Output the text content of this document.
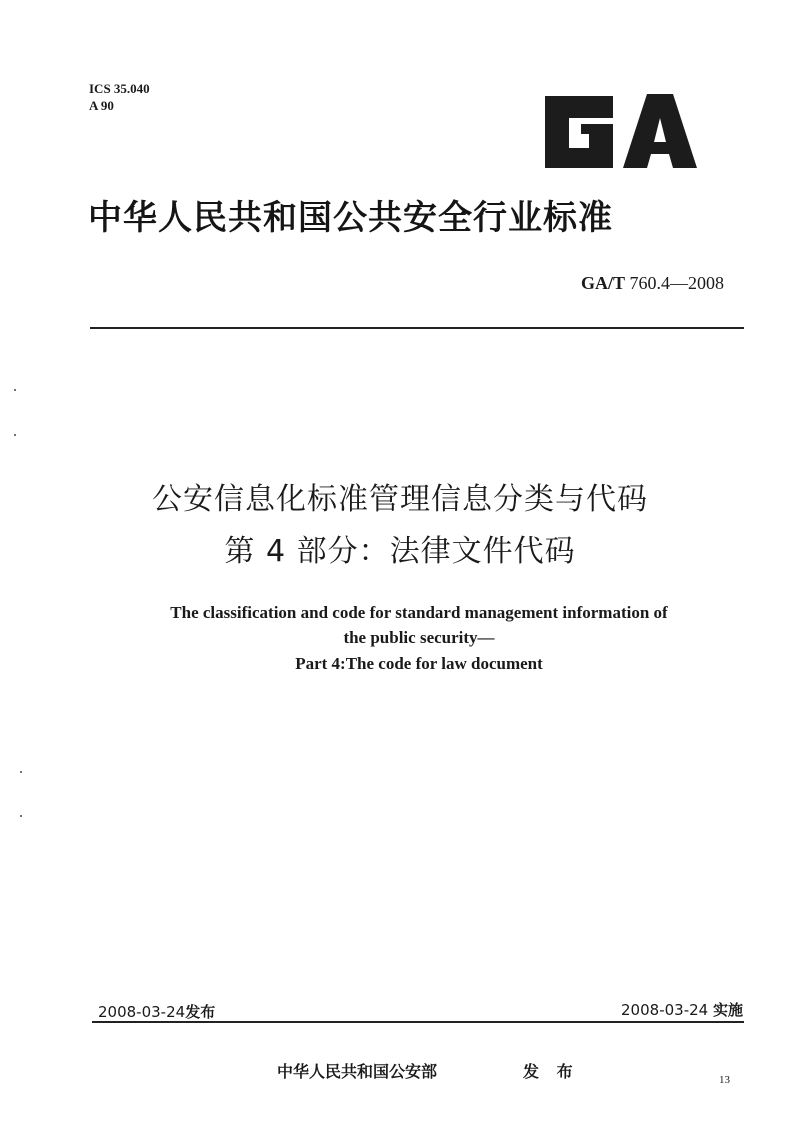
ICS 35.040
A 90
中华人民共和国公共安全行业标准
GA/T 760.4—2008
公安信息化标准管理信息分类与代码
第 4 部分：法律文件代码
The classification and code for standard management information of
the public security—
Part 4:The code for law document
2008-03-24发布	2008-03-24 实施
中华人民共和国公安部	发 布	13
